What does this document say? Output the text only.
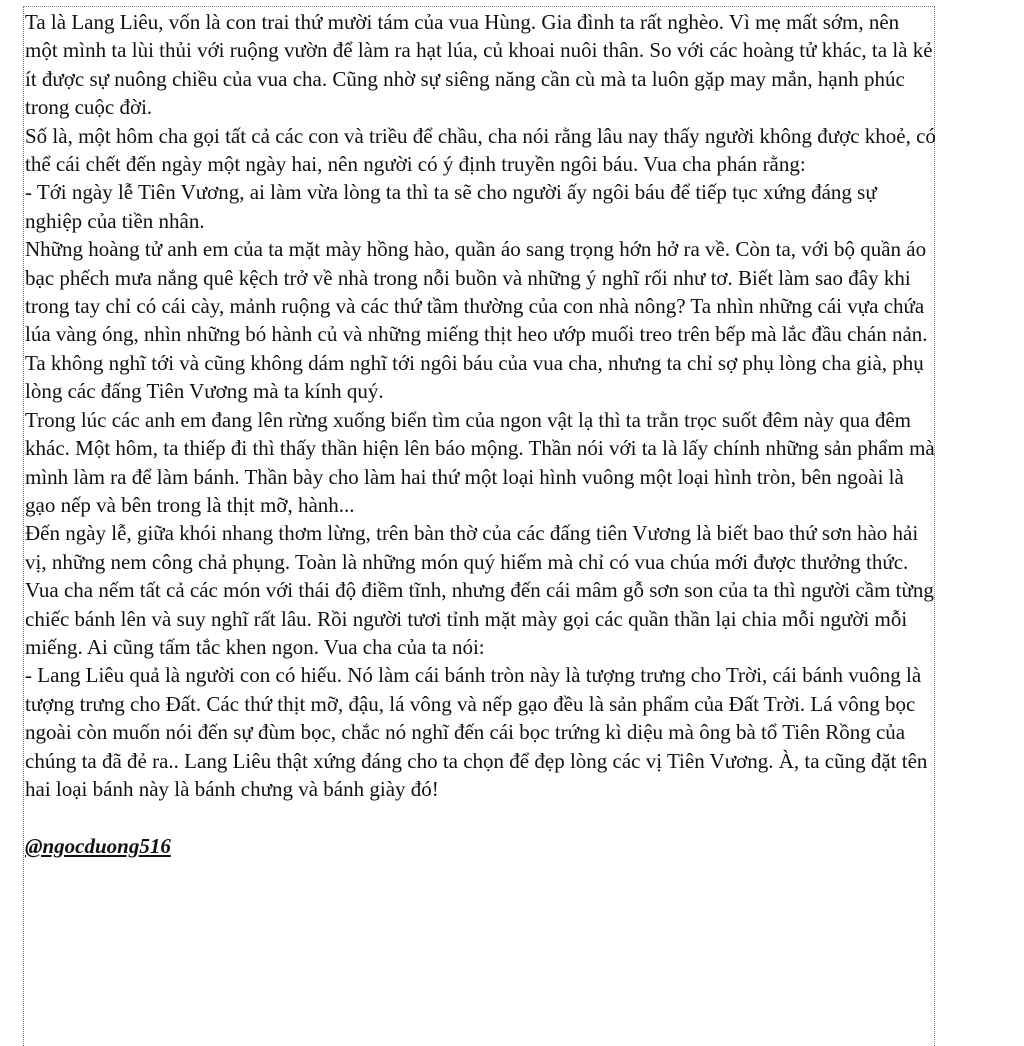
Ta là Lang Liêu, vốn là con trai thứ mười tám của vua Hùng. Gia đình ta rất nghèo. Vì mẹ mất sớm, nên một mình ta lùi thủi với ruộng vườn để làm ra hạt lúa, củ khoai nuôi thân. So với các hoàng tử khác, ta là kẻ ít được sự nuông chiều của vua cha. Cũng nhờ sự siêng năng cần cù mà ta luôn gặp may mắn, hạnh phúc trong cuộc đời.

Số là, một hôm cha gọi tất cả các con và triều để chầu, cha nói rằng lâu nay thấy người không được khoẻ, có thể cái chết đến ngày một ngày hai, nên người có ý định truyền ngôi báu. Vua cha phán rằng:

- Tới ngày lễ Tiên Vương, ai làm vừa lòng ta thì ta sẽ cho người ấy ngôi báu để tiếp tục xứng đáng sự nghiệp của tiền nhân.

Những hoàng tử anh em của ta mặt mày hồng hào, quần áo sang trọng hớn hở ra về. Còn ta, với bộ quần áo bạc phếch mưa nắng quê kệch trở về nhà trong nỗi buồn và những ý nghĩ rối như tơ. Biết làm sao đây khi trong tay chỉ có cái cày, mảnh ruộng và các thứ tầm thường của con nhà nông? Ta nhìn những cái vựa chứa lúa vàng óng, nhìn những bó hành củ và những miếng thịt heo ướp muối treo trên bếp mà lắc đầu chán nản. Ta không nghĩ tới và cũng không dám nghĩ tới ngôi báu của vua cha, nhưng ta chỉ sợ phụ lòng cha già, phụ lòng các đấng Tiên Vương mà ta kính quý.

Trong lúc các anh em đang lên rừng xuống biển tìm của ngon vật lạ thì ta trằn trọc suốt đêm này qua đêm khác. Một hôm, ta thiếp đi thì thấy thần hiện lên báo mộng. Thần nói với ta là lấy chính những sản phẩm mà mình làm ra để làm bánh. Thần bày cho làm hai thứ một loại hình vuông một loại hình tròn, bên ngoài là gạo nếp và bên trong là thịt mỡ, hành...

Đến ngày lễ, giữa khói nhang thơm lừng, trên bàn thờ của các đấng tiên Vương là biết bao thứ sơn hào hải vị, những nem công chả phụng. Toàn là những món quý hiếm mà chỉ có vua chúa mới được thưởng thức.

Vua cha nếm tất cả các món với thái độ điềm tĩnh, nhưng đến cái mâm gỗ sơn son của ta thì người cầm từng chiếc bánh lên và suy nghĩ rất lâu. Rồi người tươi tỉnh mặt mày gọi các quần thần lại chia mỗi người mỗi miếng. Ai cũng tấm tắc khen ngon. Vua cha của ta nói:

- Lang Liêu quả là người con có hiếu. Nó làm cái bánh tròn này là tượng trưng cho Trời, cái bánh vuông là tượng trưng cho Đất. Các thứ thịt mỡ, đậu, lá vông và nếp gạo đều là sản phẩm của Đất Trời. Lá vông bọc ngoài còn muốn nói đến sự đùm bọc, chắc nó nghĩ đến cái bọc trứng kì diệu mà ông bà tổ Tiên Rồng của chúng ta đã đẻ ra.. Lang Liêu thật xứng đáng cho ta chọn để đẹp lòng các vị Tiên Vương. À, ta cũng đặt tên hai loại bánh này là bánh chưng và bánh giày đó!

@ngocduong516
